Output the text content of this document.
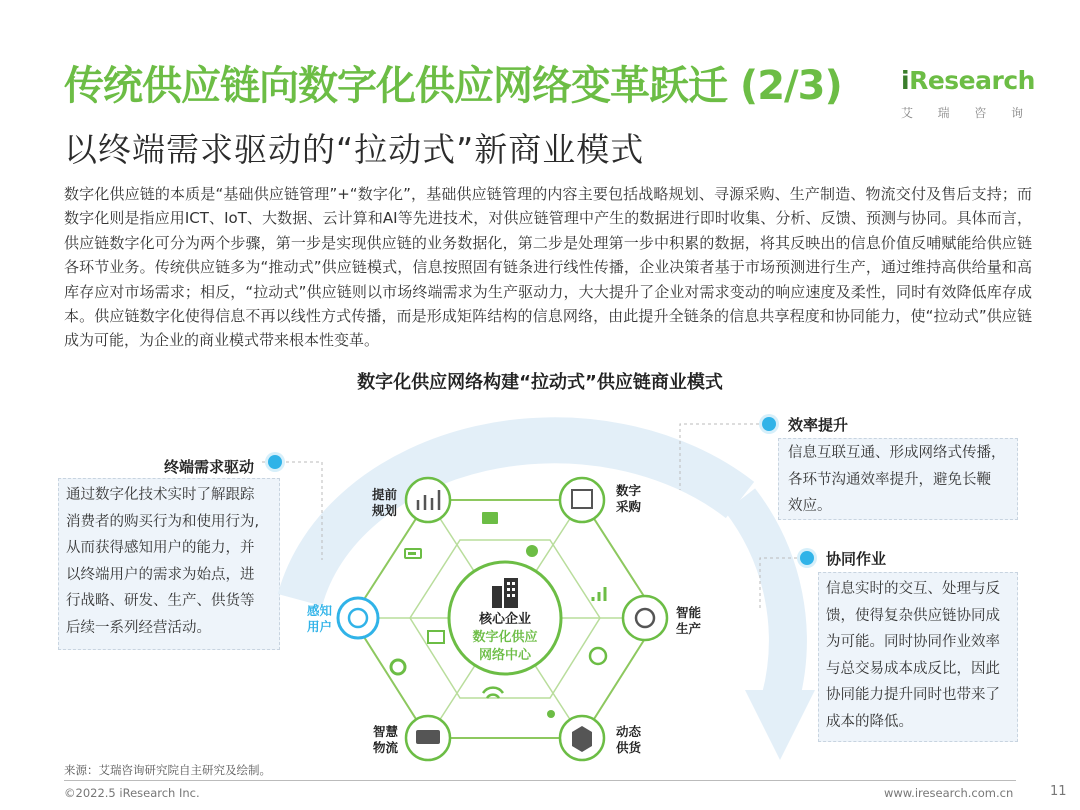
传统供应链向数字化供应网络变革跃迁 (2/3)
以终端需求驱动的“拉动式”新商业模式
iResearch
艾 瑞 咨 询
数字化供应链的本质是“基础供应链管理”+“数字化”，基础供应链管理的内容主要包括战略规划、寻源采购、生产制造、物流交付及售后支持；而数字化则是指应用ICT、IoT、大数据、云计算和AI等先进技术，对供应链管理中产生的数据进行即时收集、分析、反馈、预测与协同。具体而言，供应链数字化可分为两个步骤，第一步是实现供应链的业务数据化，第二步是处理第一步中积累的数据，将其反映出的信息价值反哺赋能给供应链各环节业务。传统供应链多为“推动式”供应链模式，信息按照固有链条进行线性传播，企业决策者基于市场预测进行生产，通过维持高供给量和高库存应对市场需求；相反，“拉动式”供应链则以市场终端需求为生产驱动力，大大提升了企业对需求变动的响应速度及柔性，同时有效降低库存成本。供应链数字化使得信息不再以线性方式传播，而是形成矩阵结构的信息网络，由此提升全链条的信息共享程度和协同能力，使“拉动式”供应链成为可能，为企业的商业模式带来根本性变革。
数字化供应网络构建“拉动式”供应链商业模式
核心企业
数字化供应
网络中心
提前
规划
数字
采购
智能
生产
动态
供货
智慧
物流
感知
用户
终端需求驱动
通过数字化技术实时了解跟踪
消费者的购买行为和使用行为,
从而获得感知用户的能力，并
以终端用户的需求为始点，进
行战略、研发、生产、供货等
后续一系列经营活动。
效率提升
信息互联互通、形成网络式传播，
各环节沟通效率提升，避免长鞭
效应。
协同作业
信息实时的交互、处理与反
馈，使得复杂供应链协同成
为可能。同时协同作业效率
与总交易成本成反比，因此
协同能力提升同时也带来了
成本的降低。
来源：艾瑞咨询研究院自主研究及绘制。
©2022.5 iResearch Inc.	www.iresearch.com.cn	11
